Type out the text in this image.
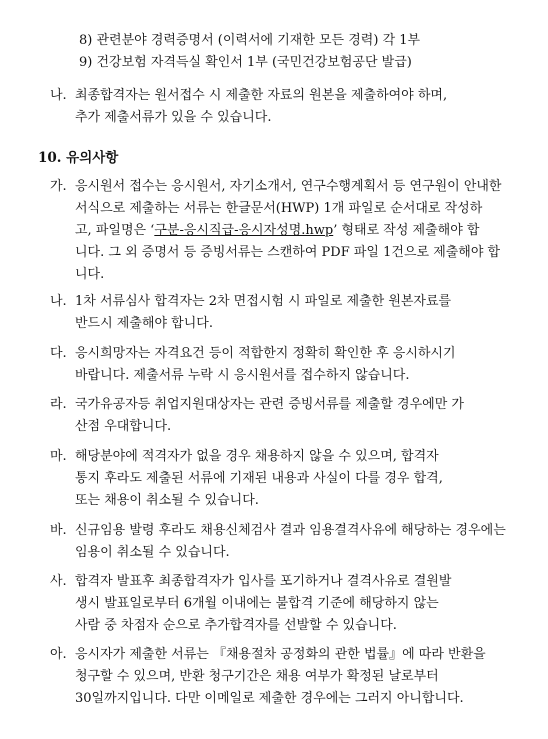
8) 관련분야 경력증명서 (이력서에 기재한 모든 경력) 각 1부
9) 건강보험 자격득실 확인서 1부 (국민건강보험공단 발급)
나. 최종합격자는 원서접수 시 제출한 자료의 원본을 제출하여야 하며,
추가 제출서류가 있을 수 있습니다.
10. 유의사항
가. 응시원서 접수는 응시원서, 자기소개서, 연구수행계획서 등 연구원이 안내한
서식으로 제출하는 서류는 한글문서(HWP) 1개 파일로 순서대로 작성하
고, 파일명은 ‘구분-응시직급-응시자성명.hwp’ 형태로 작성 제출해야 합
니다. 그 외 증명서 등 증빙서류는 스캔하여 PDF 파일 1건으로 제출해야 합
니다.
나. 1차 서류심사 합격자는 2차 면접시험 시 파일로 제출한 원본자료를
반드시 제출해야 합니다.
다. 응시희망자는 자격요건 등이 적합한지 정확히 확인한 후 응시하시기
바랍니다. 제출서류 누락 시 응시원서를 접수하지 않습니다.
라. 국가유공자등 취업지원대상자는 관련 증빙서류를 제출할 경우에만 가
산점 우대합니다.
마. 해당분야에 적격자가 없을 경우 채용하지 않을 수 있으며, 합격자
통지 후라도 제출된 서류에 기재된 내용과 사실이 다를 경우 합격,
또는 채용이 취소될 수 있습니다.
바. 신규임용 발령 후라도 채용신체검사 결과 임용결격사유에 해당하는 경우에는
임용이 취소될 수 있습니다.
사. 합격자 발표후 최종합격자가 입사를 포기하거나 결격사유로 결원발
생시 발표일로부터 6개월 이내에는 불합격 기준에 해당하지 않는
사람 중 차점자 순으로 추가합격자를 선발할 수 있습니다.
아. 응시자가 제출한 서류는 『채용절차 공정화의 관한 법률』에 따라 반환을
청구할 수 있으며, 반환 청구기간은 채용 여부가 확정된 날로부터
30일까지입니다. 다만 이메일로 제출한 경우에는 그러지 아니합니다.
